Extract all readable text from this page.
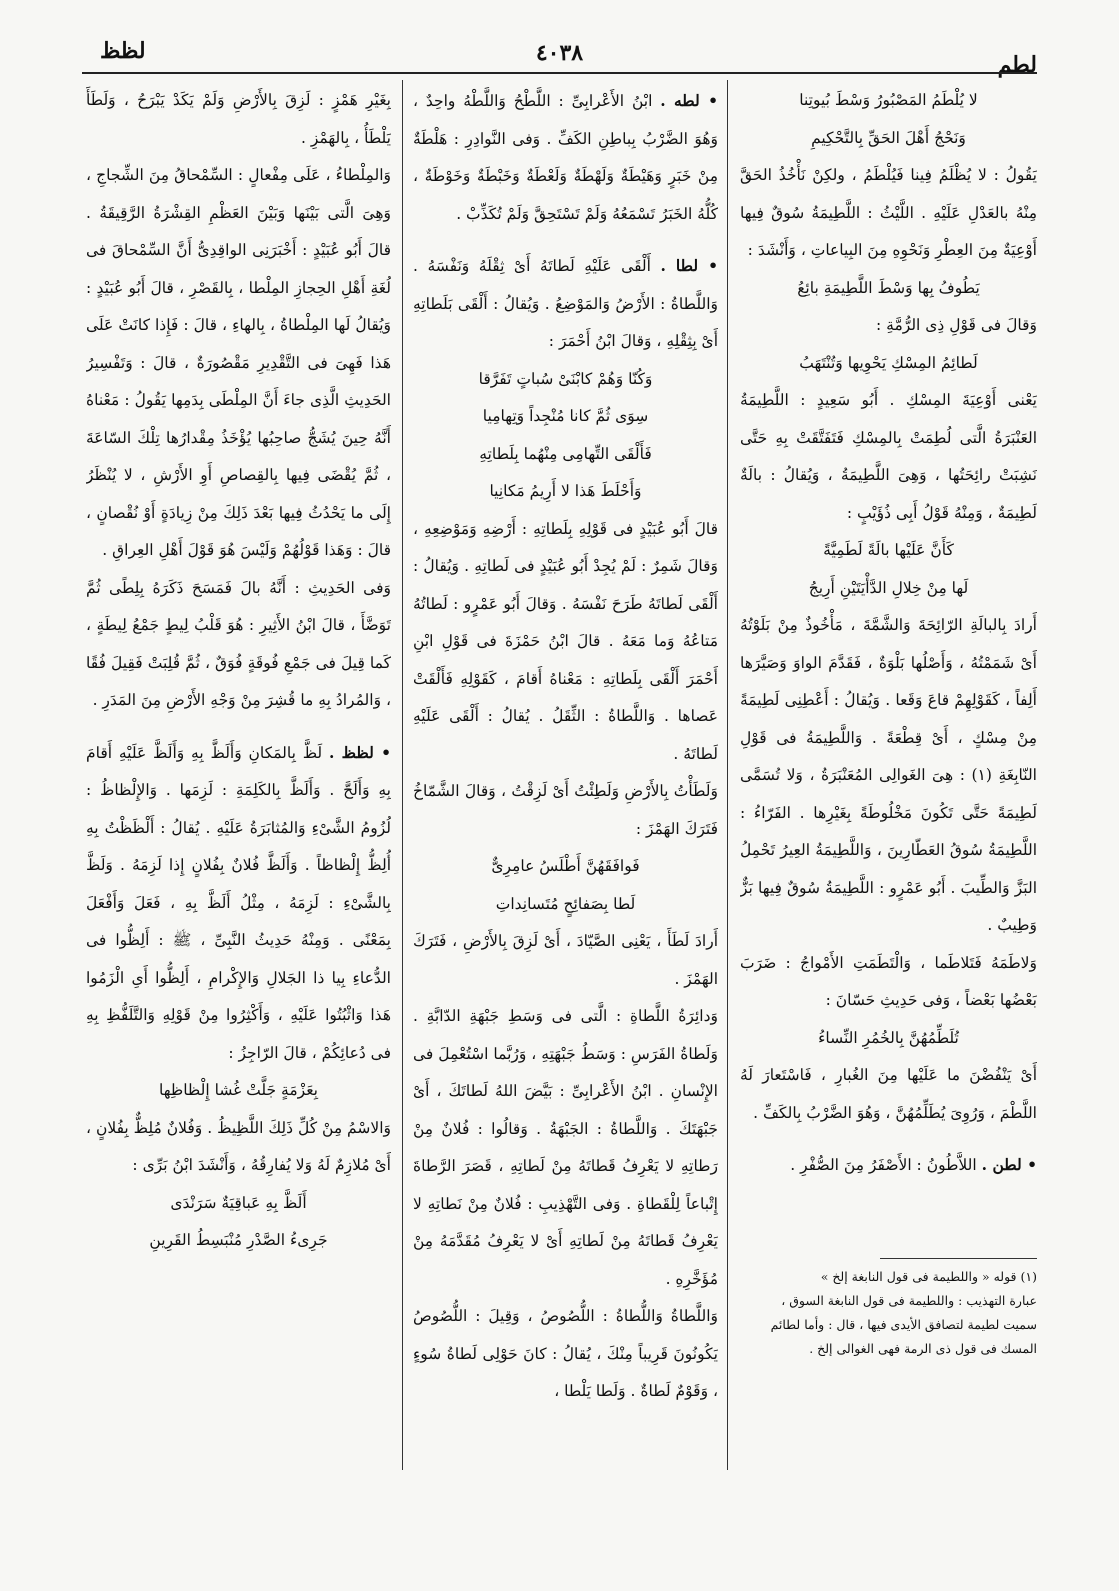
لظظ	٤٠٣٨	لطم

لا يُلْطَمُ المَصْبُورُ وَسْطَ بُيوتِنا

وَنَحْجُ أَهْلَ الحَقِّ بِالتَّحْكِيمِ

يَقُولُ : لا يُظْلَمُ فِينا فَيُلْطَمُ ، ولكِنْ نَأْخُذُ الحَقَّ مِنْهُ بالعَدْلِ عَلَيْهِ . اللَّيْثُ : اللَّطِيمَةُ سُوقٌ فِيها أَوْعِيَةٌ مِنَ العِطْرِ وَنَحْوِهِ مِنَ البِياعاتِ ، وَأَنْشَدَ :

يَطُوفُ بِها وَسْطَ اللَّطِيمَةِ بائِعُ

وَقالَ فى قَوْلِ ذِى الرُّمَّةِ :

لَطائِمُ المِسْكِ يَحْوِيها وَتُنْتَهَبُ

يَعْنى أَوْعِيَةَ المِسْكِ . أَبُو سَعِيدٍ : اللَّطِيمَةُ العَنْبَرَةُ الَّتى لُطِمَتْ بِالمِسْكِ فَتَفَتَّقَتْ بِهِ حَتَّى نَشِبَتْ رائِحَتُها ، وَهِىَ اللَّطِيمَةُ ، وَيُقالُ : بالَةٌ لَطِيمَةٌ ، وَمِنْهُ قَوْلُ أَبِى ذُؤَيْبٍ :

كَأَنَّ عَلَيْها بالَةً لَطَمِيَّةً

لَها مِنْ خِلالِ الدَّأْيَتَيْنِ أَرِيجُ

أَرادَ بِالبالَةِ الرّائِحَةَ وَالشَّمَّةَ ، مَأْخُوذٌ مِنْ بَلَوْتُهُ أَىْ شَمَمْتُهُ ، وَأَصْلُها بَلْوَةٌ ، فَقَدَّمَ الواوَ وَصَيَّرَها أَلِفاً ، كَقَوْلِهِمْ قاعَ وَقَعا . وَيُقالُ : أَعْطِنِى لَطِيمَةً مِنْ مِسْكٍ ، أَىْ قِطْعَةً . وَاللَّطِيمَةُ فى قَوْلِ النّابِغَةِ (١) : هِىَ الغَوالِى المُعَنْبَرَةُ ، وَلا تُسَمَّى لَطِيمَةً حَتَّى تَكُونَ مَخْلُوطَةً بِغَيْرِها . الفَرّاءُ : اللَّطِيمَةُ سُوقُ العَطّارِينَ ، وَاللَّطِيمَةُ العِيرُ تَحْمِلُ البَزَّ وَالطِّيبَ . أَبُو عَمْرٍو : اللَّطِيمَةُ سُوقٌ فِيها بَزٌّ وَطِيبٌ .

وَلاطَمَهُ فَتَلاطَما ، وَالْتَطَمَتِ الأَمْواجُ : ضَرَبَ بَعْضُها بَعْضاً ، وَفى حَدِيثِ حَسّانَ :

تُلَطِّمُهُنَّ بِالخُمُرِ النِّساءُ

أَىْ يَنْفُضْنَ ما عَلَيْها مِنَ الغُبارِ ، فَاسْتَعارَ لَهُ اللَّطْمَ ، وَرُوِىَ يُطَلِّمُهُنَّ ، وَهُوَ الضَّرْبُ بِالكَفِّ .

• لطن . اللاَّطُونُ : الأَصْفَرُ مِنَ الصُّفْرِ .

(١) قوله « واللطيمة فى قول النابغة إلخ »

عبارة التهذيب : واللطيمة فى قول النابغة السوق ،

سميت لطيمة لتصافق الأيدى فيها ، قال : وأما لطائم

المسك فى قول ذى الرمة فهى الغوالى إلخ .

• لطه . ابْنُ الأَعْرابِىِّ : اللَّطْحُ وَاللَّطْهُ واحِدٌ ، وَهُوَ الضَّرْبُ بِباطِنِ الكَفِّ . وَفى النَّوادِرِ : هَلْطَةٌ مِنْ خَبَرٍ وَهَيْطَةٌ وَلَهْطَةٌ وَلَعْطَةٌ وَخَبْطَةٌ وَخَوْطَةٌ ، كُلُّهُ الخَبَرُ تَسْمَعُهُ وَلَمْ تَسْتَحِقَّ وَلَمْ تُكَذِّبْ .

• لطا . أَلْقَى عَلَيْهِ لَطاتَهُ أَىْ ثِقْلَهُ وَنَفْسَهُ . وَاللَّطاةُ : الأَرْضُ وَالمَوْضِعُ . وَيُقالُ : أَلْقَى بَلَطاتِهِ أَىْ بِثِقْلِهِ ، وَقالَ ابْنُ أَحْمَرَ :

وَكُنّا وَهُمْ كابْنَىْ سُباتٍ تَفَرَّقا

سِوَى ثُمَّ كانا مُنْجِداً وَتِهامِيا

فَأَلْقَى التِّهامِى مِنْهُما بِلَطاتِهِ

وَأَحْلَطَ هَذا لا أَرِيمُ مَكانِيا

قالَ أَبُو عُبَيْدٍ فى قَوْلِهِ بِلَطاتِهِ : أَرْضِهِ وَمَوْضِعِهِ ، وَقالَ شَمِرٌ : لَمْ يُجِدْ أَبُو عُبَيْدٍ فى لَطاتِهِ . وَيُقالُ : أَلْقَى لَطاتَهُ طَرَحَ نَفْسَهُ . وَقالَ أَبُو عَمْرٍو : لَطاتُهُ مَتاعُهُ وَما مَعَهُ . قالَ ابْنُ حَمْزَةَ فى قَوْلِ ابْنِ أَحْمَرَ أَلْقَى بِلَطاتِهِ : مَعْناهُ أَقامَ ، كَقَوْلِهِ فَأَلْقَتْ عَصاها . وَاللَّطاةُ : الثِّقَلُ . يُقالُ : أَلْقَى عَلَيْهِ لَطاتَهُ .

وَلَطَأْتُ بِالأَرْضِ وَلَطِئْتُ أَىْ لَزِقْتُ ، وَقالَ الشَّمّاخُ فَتَرَكَ الهَمْزَ :

فَوافَقَهُنَّ أَطْلَسُ عامِرِىٌّ

لَطا بِصَفائِحٍ مُتَسانِداتِ

أَرادَ لَطَأَ ، يَعْنِى الصَّيّادَ ، أَىْ لَزِقَ بِالأَرْضِ ، فَتَرَكَ الهَمْزَ .

وَدائِرَةُ اللَّطاةِ : الَّتى فى وَسَطِ جَبْهَةِ الدّابَّةِ . وَلَطاةُ الفَرَسِ : وَسَطُ جَبْهَتِهِ ، وَرُبَّما اسْتُعْمِلَ فى الإِنْسانِ . ابْنُ الأَعْرابِىِّ : بَيَّضَ اللهُ لَطاتَكَ ، أَىْ جَبْهَتَكَ . وَاللَّطاةُ : الجَبْهَةُ . وَقالُوا : فُلانٌ مِنْ رَطاتِهِ لا يَعْرِفُ قَطاتَهُ مِنْ لَطاتِهِ ، قَصَرَ الرَّطاةَ إِتْباعاً لِلْقَطاةِ . وَفى التَّهْذِيبِ : فُلانٌ مِنْ نَطاتِهِ لا يَعْرِفُ قَطاتَهُ مِنْ لَطاتِهِ أَىْ لا يَعْرِفُ مُقَدَّمَهُ مِنْ مُؤَخَّرِهِ .

وَاللَّطاةُ وَاللُّطاةُ : اللُّصُوصُ ، وَقِيلَ : اللُّصُوصُ يَكُونُونَ قَرِيباً مِنْكَ ، يُقالُ : كانَ حَوْلِى لَطاةُ سُوءٍ ، وَقَوْمٌ لَطاةٌ . وَلَطا يَلْطا ،

بِغَيْرِ هَمْزٍ : لَزِقَ بِالأَرْضِ وَلَمْ يَكَدْ يَبْرَحُ ، وَلَطَأَ يَلْطَأُ ، بِالهَمْزِ .

وَالمِلْطاءُ ، عَلَى مِفْعالٍ : السِّمْحاقُ مِنَ الشِّجاجِ ، وَهِىَ الَّتى بَيْنَها وَبَيْنَ العَظْمِ القِشْرَةُ الرَّقِيقَةُ . قالَ أَبُو عُبَيْدٍ : أَخْبَرَنِى الواقِدِىُّ أَنَّ السِّمْحاقَ فى لُغَةِ أَهْلِ الحِجازِ المِلْطا ، بِالقَصْرِ ، قالَ أَبُو عُبَيْدٍ : وَيُقالُ لَها المِلْطاةُ ، بِالهاءِ ، قالَ : فَإِذا كانَتْ عَلَى هَذا فَهِىَ فى التَّقْدِيرِ مَقْصُورَةٌ ، قالَ : وَتَفْسِيرُ الحَدِيثِ الَّذِى جاءَ أَنَّ المِلْطَى بِدَمِها يَقُولُ : مَعْناهُ أَنَّهُ حِينَ يُشَجُّ صاحِبُها يُؤْخَذُ مِقْدارُها تِلْكَ السّاعَةَ ، ثُمَّ يُقْضَى فِيها بِالقِصاصِ أَوِ الأَرْشِ ، لا يُنْظَرُ إِلَى ما يَحْدُثُ فِيها بَعْدَ ذَلِكَ مِنْ زِيادَةٍ أَوْ نُقْصانٍ ، قالَ : وَهَذا قَوْلُهُمْ وَلَيْسَ هُوَ قَوْلَ أَهْلِ العِراقِ .

وَفى الحَدِيثِ : أَنَّهُ بالَ فَمَسَحَ ذَكَرَهُ بِلِطًى ثُمَّ تَوَضَّأَ ، قالَ ابْنُ الأَثِيرِ : هُوَ قَلْبُ لِيطٍ جَمْعُ لِيطَةٍ ، كَما قِيلَ فى جَمْعِ فُوقَةٍ فُوَقٌ ، ثُمَّ قُلِبَتْ فَقِيلَ فُقًا ، وَالمُرادُ بِهِ ما قُشِرَ مِنْ وَجْهِ الأَرْضِ مِنَ المَدَرِ .

• لظظ . لَظَّ بِالمَكانِ وَأَلَظَّ بِهِ وَأَلَظَّ عَلَيْهِ أَقامَ بِهِ وَأَلَحَّ . وَأَلَظَّ بِالكَلِمَةِ : لَزِمَها . وَالإِلْظاظُ : لُزُومُ الشَّىْءِ وَالمُثابَرَةُ عَلَيْهِ . يُقالُ : أَلْظَظْتُ بِهِ أُلِظُّ إِلْظاظاً . وَأَلَظَّ فُلانٌ بِفُلانٍ إِذا لَزِمَهُ . وَلَظَّ بِالشَّىْءِ : لَزِمَهُ ، مِثْلُ أَلَظَّ بِهِ ، فَعَلَ وَأَفْعَلَ بِمَعْنًى . وَمِنْهُ حَدِيثُ النَّبِىِّ ، ﷺ : أَلِظُّوا فى الدُّعاءِ بِيا ذا الجَلالِ وَالإِكْرامِ ، أَلِظُّوا أَىِ الْزَمُوا هَذا وَاثْبُتُوا عَلَيْهِ ، وَأَكْثِرُوا مِنْ قَوْلِهِ وَالتَّلَفُّظِ بِهِ فى دُعائِكُمْ ، قالَ الرّاجِزُ :

بِعَزْمَةٍ جَلَّتْ غُشا إِلْظاظِها

وَالاسْمُ مِنْ كُلِّ ذَلِكَ اللَّظِيظُ . وَفُلانٌ مُلِظٌّ بِفُلانٍ ، أَىْ مُلازِمٌ لَهُ وَلا يُفارِقُهُ ، وَأَنْشَدَ ابْنُ بَرِّى :

أَلَظَّ بِهِ عَباقِيَةٌ سَرَنْدَى

جَرِىءُ الصَّدْرِ مُنْبَسِطُ القَرِينِ
